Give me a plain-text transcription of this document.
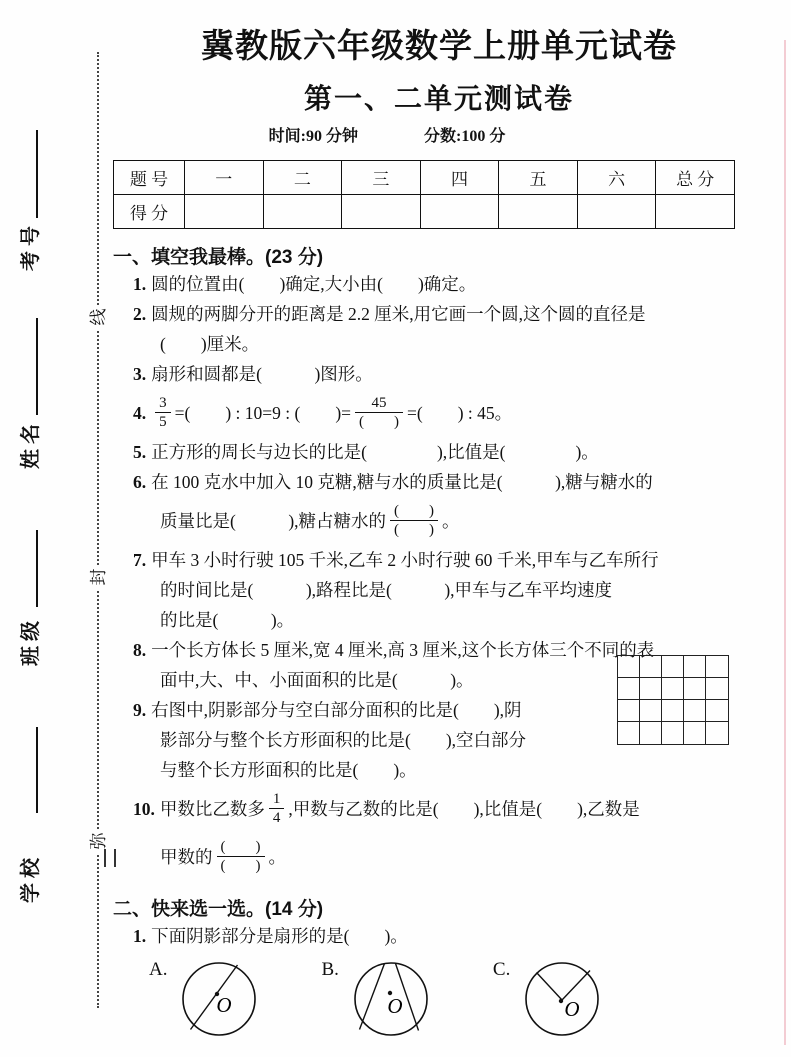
考号
姓名
班级
学校
线
封
弥
冀教版六年级数学上册单元试卷
第一、二单元测试卷
时间:90 分钟	分数:100 分
题 号	一	二	三	四	五	六	总 分
得 分							
一、填空我最棒。(23 分)
1. 圆的位置由(　　)确定,大小由(　　)确定。
2. 圆规的两脚分开的距离是 2.2 厘米,用它画一个圆,这个圆的直径是
(　　)厘米。
3. 扇形和圆都是(　　　)图形。
4. $\frac{3}{5}$ =(　　) : 10=9 : (　　)= $\frac{45}{( )}$ =(　　) : 45。
5. 正方形的周长与边长的比是(　　　　),比值是(　　　　)。
6. 在 100 克水中加入 10 克糖,糖与水的质量比是(　　　),糖与糖水的
质量比是(　　　),糖占糖水的 $\frac{( )}{( )}$ 。
7. 甲车 3 小时行驶 105 千米,乙车 2 小时行驶 60 千米,甲车与乙车所行
的时间比是(　　　),路程比是(　　　),甲车与乙车平均速度
的比是(　　　)。
8. 一个长方体长 5 厘米,宽 4 厘米,高 3 厘米,这个长方体三个不同的表
面中,大、中、小面面积的比是(　　　)。
9. 右图中,阴影部分与空白部分面积的比是(　　),阴
影部分与整个长方形面积的比是(　　),空白部分
与整个长方形面积的比是(　　)。
10. 甲数比乙数多 $\frac{1}{4}$ ,甲数与乙数的比是(　　),比值是(　　),乙数是
甲数的 $\frac{( )}{( )}$ 。
二、快来选一选。(14 分)
1. 下面阴影部分是扇形的是(　　)。
A.
O
B.
O
C.
O
